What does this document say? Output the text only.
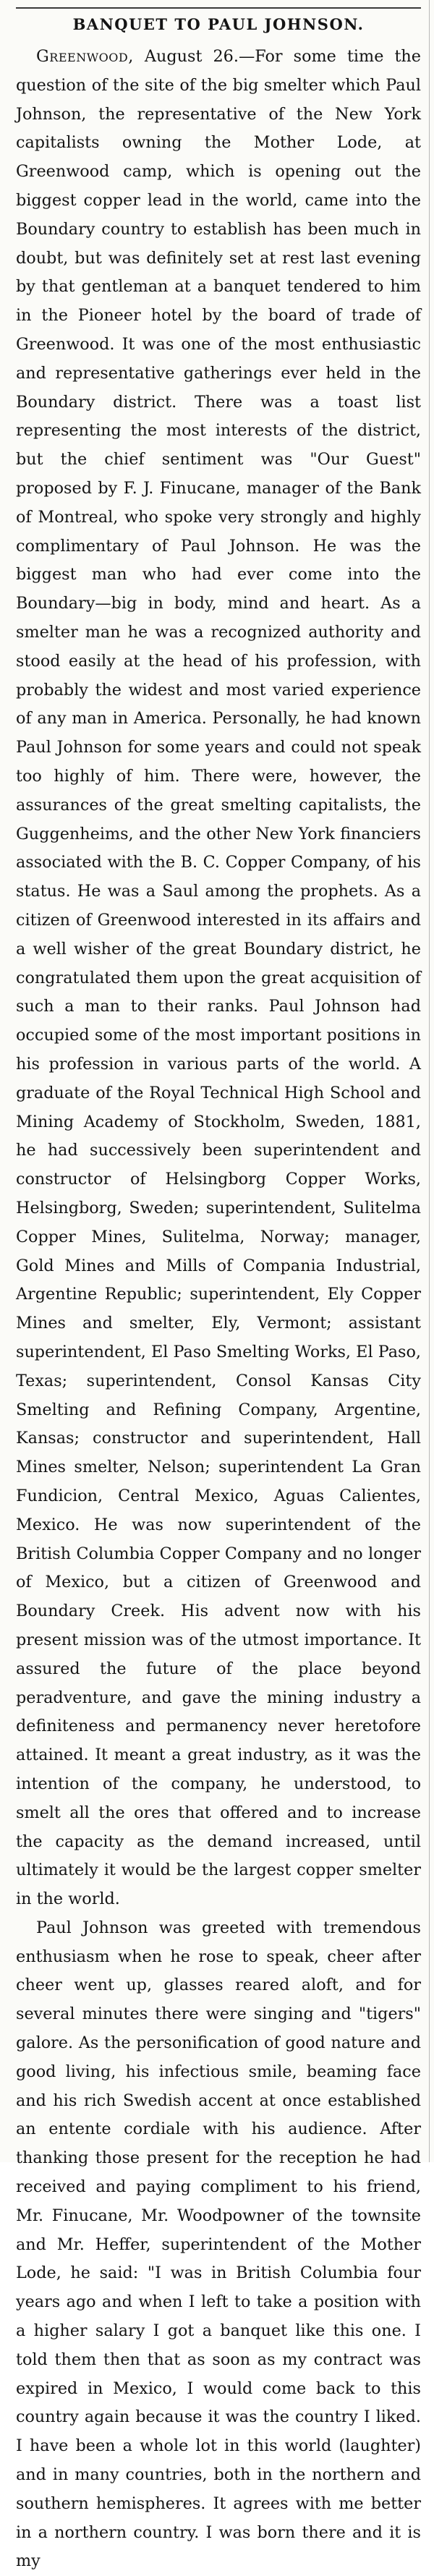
BANQUET TO PAUL JOHNSON.

Greenwood, August 26.—For some time the question of the site of the big smelter which Paul Johnson, the representative of the New York capitalists owning the Mother Lode, at Greenwood camp, which is opening out the biggest copper lead in the world, came into the Boundary country to establish has been much in doubt, but was definitely set at rest last evening by that gentleman at a banquet tendered to him in the Pioneer hotel by the board of trade of Greenwood. It was one of the most enthusiastic and representative gatherings ever held in the Boundary district. There was a toast list representing the most interests of the district, but the chief sentiment was "Our Guest" proposed by F. J. Finucane, manager of the Bank of Montreal, who spoke very strongly and highly complimentary of Paul Johnson. He was the biggest man who had ever come into the Boundary—big in body, mind and heart. As a smelter man he was a recognized authority and stood easily at the head of his profession, with probably the widest and most varied experience of any man in America. Personally, he had known Paul Johnson for some years and could not speak too highly of him. There were, however, the assurances of the great smelting capitalists, the Guggenheims, and the other New York financiers associated with the B. C. Copper Company, of his status. He was a Saul among the prophets. As a citizen of Greenwood interested in its affairs and a well wisher of the great Boundary district, he congratulated them upon the great acquisition of such a man to their ranks. Paul Johnson had occupied some of the most important positions in his profession in various parts of the world. A graduate of the Royal Technical High School and Mining Academy of Stockholm, Sweden, 1881, he had successively been superintendent and constructor of Helsingborg Copper Works, Helsingborg, Sweden; superintendent, Sulitelma Copper Mines, Sulitelma, Norway; manager, Gold Mines and Mills of Compania Industrial, Argentine Republic; superintendent, Ely Copper Mines and smelter, Ely, Vermont; assistant superintendent, El Paso Smelting Works, El Paso, Texas; superintendent, Consol Kansas City Smelting and Refining Company, Argentine, Kansas; constructor and superintendent, Hall Mines smelter, Nelson; superintendent La Gran Fundicion, Central Mexico, Aguas Calientes, Mexico. He was now superintendent of the British Columbia Copper Company and no longer of Mexico, but a citizen of Greenwood and Boundary Creek. His advent now with his present mission was of the utmost importance. It assured the future of the place beyond peradventure, and gave the mining industry a definiteness and permanency never heretofore attained. It meant a great industry, as it was the intention of the company, he understood, to smelt all the ores that offered and to increase the capacity as the demand increased, until ultimately it would be the largest copper smelter in the world.

Paul Johnson was greeted with tremendous enthusiasm when he rose to speak, cheer after cheer went up, glasses reared aloft, and for several minutes there were singing and "tigers" galore. As the personification of good nature and good living, his infectious smile, beaming face and his rich Swedish accent at once established an entente cordiale with his audience. After thanking those present for the reception he had received and paying compliment to his friend, Mr. Finucane, Mr. Woodpowner of the townsite and Mr. Heffer, superintendent of the Mother Lode, he said: "I was in British Columbia four years ago and when I left to take a position with a higher salary I got a banquet like this one. I told them then that as soon as my contract was expired in Mexico, I would come back to this country again because it was the country I liked. I have been a whole lot in this world (laughter) and in many countries, both in the northern and southern hemispheres. It agrees with me better in a northern country. I was born there and it is my
